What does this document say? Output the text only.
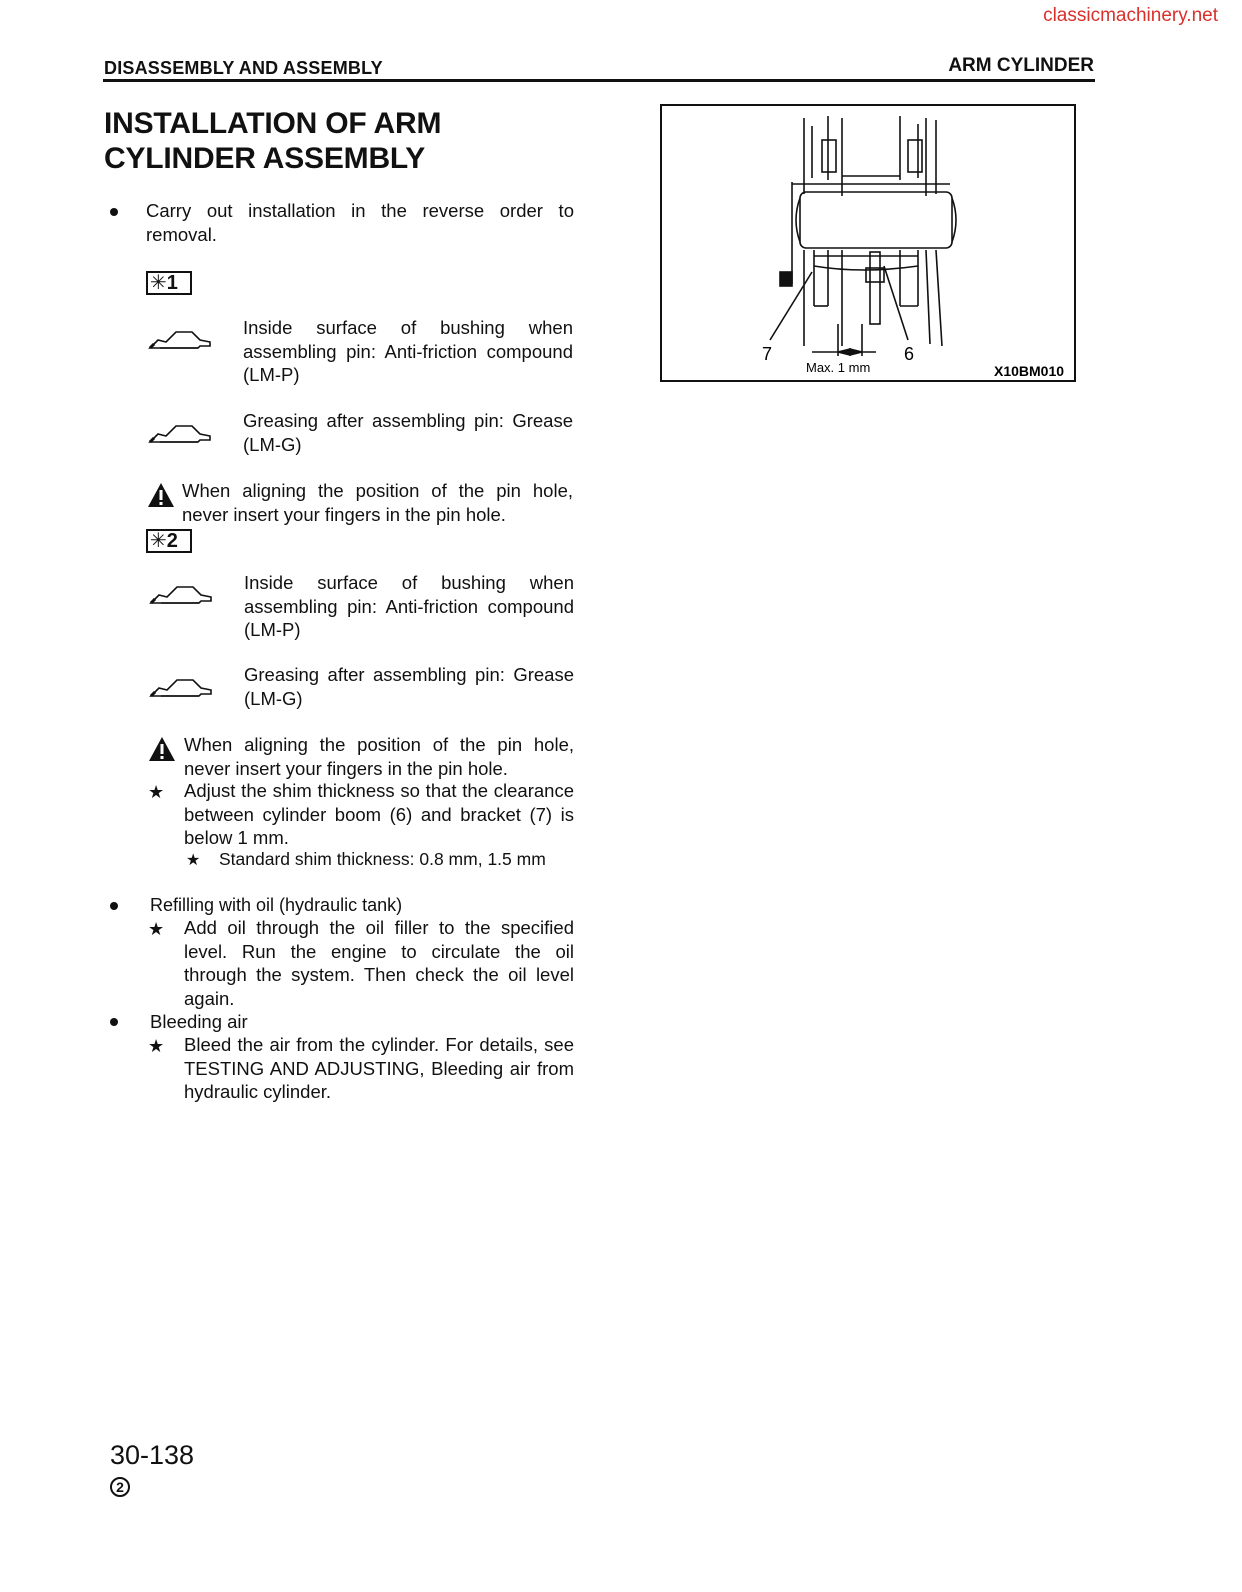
classicmachinery.net
DISASSEMBLY AND ASSEMBLY	ARM CYLINDER
INSTALLATION OF ARM
CYLINDER ASSEMBLY
Carry out installation in the reverse order to removal.
✳1
Inside surface of bushing when assembling pin: Anti-friction compound (LM-P)
Greasing after assembling pin: Grease (LM-G)
When aligning the position of the pin hole, never insert your fingers in the pin hole.
✳2
Inside surface of bushing when assembling pin: Anti-friction compound (LM-P)
Greasing after assembling pin: Grease (LM-G)
When aligning the position of the pin hole, never insert your fingers in the pin hole.
★ Adjust the shim thickness so that the clearance between cylinder boom (6) and bracket (7) is below 1 mm.
★ Standard shim thickness: 0.8 mm, 1.5 mm
Refilling with oil (hydraulic tank)
★ Add oil through the oil filler to the specified level. Run the engine to circulate the oil through the system. Then check the oil level again.
Bleeding air
★ Bleed the air from the cylinder. For details, see TESTING AND ADJUSTING, Bleeding air from hydraulic cylinder.
7	6
Max. 1 mm	X10BM010
30-138
2
